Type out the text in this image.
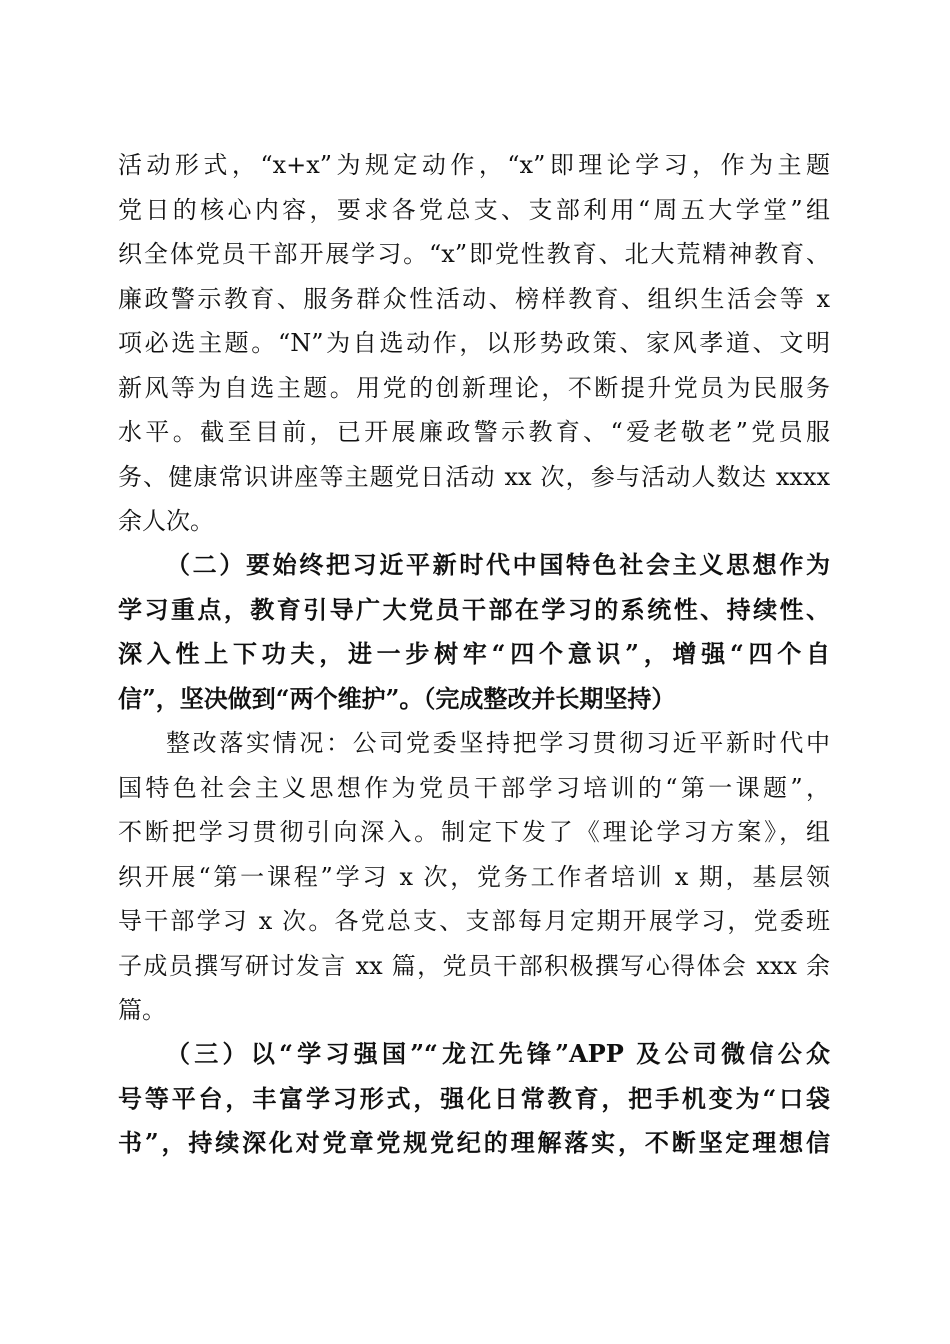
活动形式，“x+x”为规定动作，“x”即理论学习，作为主题
党日的核心内容，要求各党总支、支部利用“周五大学堂”组
织全体党员干部开展学习。“x”即党性教育、北大荒精神教育、
廉政警示教育、服务群众性活动、榜样教育、组织生活会等 x
项必选主题。“N”为自选动作，以形势政策、家风孝道、文明
新风等为自选主题。用党的创新理论，不断提升党员为民服务
水平。截至目前，已开展廉政警示教育、“爱老敬老”党员服
务、健康常识讲座等主题党日活动 xx 次，参与活动人数达 xxxx
余人次。
（二）要始终把习近平新时代中国特色社会主义思想作为
学习重点，教育引导广大党员干部在学习的系统性、持续性、
深入性上下功夫，进一步树牢“四个意识”，增强“四个自
信”，坚决做到“两个维护”。（完成整改并长期坚持）
整改落实情况：公司党委坚持把学习贯彻习近平新时代中
国特色社会主义思想作为党员干部学习培训的“第一课题”，
不断把学习贯彻引向深入。制定下发了《理论学习方案》，组
织开展“第一课程”学习 x 次，党务工作者培训 x 期，基层领
导干部学习 x 次。各党总支、支部每月定期开展学习，党委班
子成员撰写研讨发言 xx 篇，党员干部积极撰写心得体会 xxx 余
篇。
（三）以“学习强国”“龙江先锋”APP 及公司微信公众
号等平台，丰富学习形式，强化日常教育，把手机变为“口袋
书”，持续深化对党章党规党纪的理解落实，不断坚定理想信
